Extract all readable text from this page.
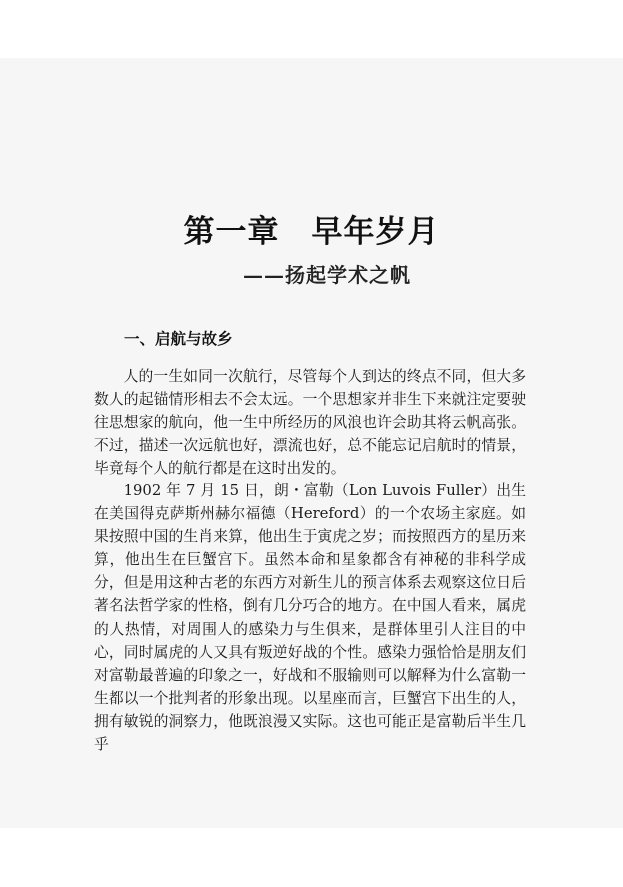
第一章　早年岁月
——扬起学术之帆
一、启航与故乡

人的一生如同一次航行，尽管每个人到达的终点不同，但大多数人的起锚情形相去不会太远。一个思想家并非生下来就注定要驶往思想家的航向，他一生中所经历的风浪也许会助其将云帆高张。不过，描述一次远航也好，漂流也好，总不能忘记启航时的情景，毕竟每个人的航行都是在这时出发的。

1902 年 7 月 15 日，朗・富勒（Lon Luvois Fuller）出生在美国得克萨斯州赫尔福德（Hereford）的一个农场主家庭。如果按照中国的生肖来算，他出生于寅虎之岁；而按照西方的星历来算，他出生在巨蟹宫下。虽然本命和星象都含有神秘的非科学成分，但是用这种古老的东西方对新生儿的预言体系去观察这位日后著名法哲学家的性格，倒有几分巧合的地方。在中国人看来，属虎的人热情，对周围人的感染力与生俱来，是群体里引人注目的中心，同时属虎的人又具有叛逆好战的个性。感染力强恰恰是朋友们对富勒最普遍的印象之一，好战和不服输则可以解释为什么富勒一生都以一个批判者的形象出现。以星座而言，巨蟹宫下出生的人，拥有敏锐的洞察力，他既浪漫又实际。这也可能正是富勒后半生几乎
